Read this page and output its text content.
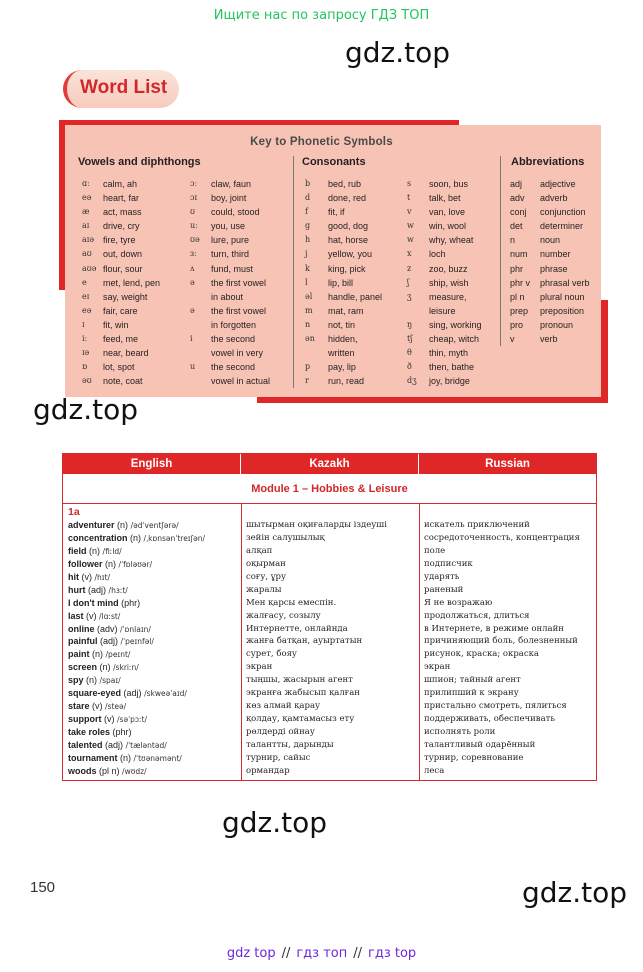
Ищите нас по запросу ГДЗ ТОП
gdz.top
Word List
Key to Phonetic Symbols
Vowels and diphthongs	Consonants	Abbreviations
ɑː	calm, ah
eə	heart, far
æ	act, mass
aɪ	drive, cry
aɪə fire, tyre
aʊ	out, down
aʊə flour, sour
e	met, lend, pen
eɪ	say, weight
eə	fair, care
ɪ	fit, win
iː	feed, me
ɪə	near, beard
ɒ	lot, spot
əʊ	note, coat
ɔː	claw, faun
ɔɪ	boy, joint
ʊ	could, stood
uː	you, use
ʊə	lure, pure
ɜː	turn, third
ʌ	fund, must
ə	the first vowel
in about
ə	the first vowel
in forgotten
i	the second
vowel in very
u	the second
vowel in actual
b	bed, rub
d	done, red
f	fit, if
g	good, dog
h	hat, horse
j	yellow, you
k	king, pick
l	lip, bill
əl	handle, panel
m	mat, ram
n	not, tin
ən	hidden,
written
p	pay, lip
r	run, read
s	soon, bus
t	talk, bet
v	van, love
w	win, wool
w	why, wheat
x	loch
z	zoo, buzz
ʃ	ship, wish
ʒ	measure,
leisure
ŋ	sing, working
tʃ	cheap, witch
θ	thin, myth
ð	then, bathe
dʒ	joy, bridge
adj	adjective
adv	adverb
conj	conjunction
det	determiner
n	noun
num	number
phr	phrase
phr v	phrasal verb
pl n	plural noun
prep	preposition
pro	pronoun
v	verb
gdz.top
English	Kazakh	Russian
Module 1 – Hobbies & Leisure
1a
adventurer (n) /ədˈventʃərə/	шытырман оқиғаларды іздеуші	искатель приключений
concentration (n) /ˌkɒnsənˈtreɪʃən/	зейін салушылық	сосредоточенность, концентрация
field (n) /fiːld/	алқап	поле
follower (n) /ˈfɒləʊər/	оқырман	подписчик
hit (v) /hɪt/	соғу, ұру	ударять
hurt (adj) /hɜːt/	жаралы	раненый
I don't mind (phr)	Мен қарсы емеспін.	Я не возражаю
last (v) /lɑːst/	жалғасу, созылу	продолжаться, длиться
online (adv) /ˈɒnlaɪn/	Интернетте, онлайнда	в Интернете, в режиме онлайн
painful (adj) /ˈpeɪnfəl/	жанға батқан, ауыртатын	причиняющий боль, болезненный
paint (n) /peɪnt/	сурет, бояу	рисунок, краска; окраска
screen (n) /skriːn/	экран	экран
spy (n) /spaɪ/	тыңшы, жасырын агент	шпион; тайный агент
square-eyed (adj) /skweəˈaɪd/	экранға жабысып қалған	прилипший к экрану
stare (v) /steə/	көз алмай қарау	пристально смотреть, пялиться
support (v) /səˈpɔːt/	қолдау, қамтамасыз ету	поддерживать, обеспечивать
take roles (phr)	рөлдерді ойнау	исполнять роли
talented (adj) /ˈtæləntəd/	талантты, дарынды	талантливый одарённый
tournament (n) /ˈtʊənəmənt/	турнир, сайыс	турнир, соревнование
woods (pl n) /wʊdz/	ормандар	леса
gdz.top
150	gdz.top
gdz top // гдз топ // гдз top
